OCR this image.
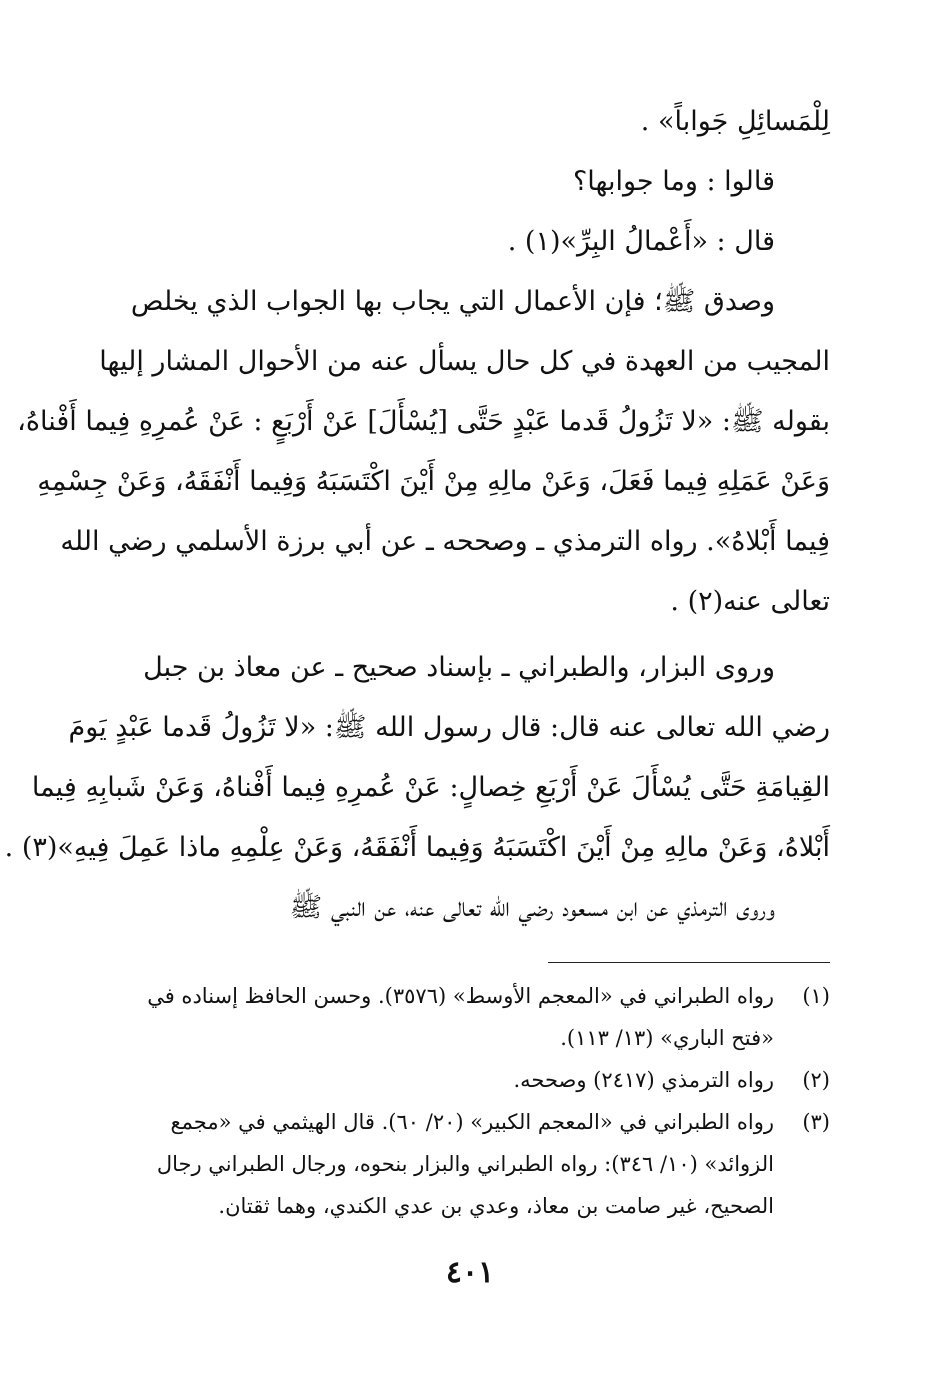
لِلْمَسائِلِ جَواباً» .
قالوا : وما جوابها؟
قال : «أَعْمالُ البِرِّ»(١) .
وصدق ﷺ؛ فإن الأعمال التي يجاب بها الجواب الذي يخلص
المجيب من العهدة في كل حال يسأل عنه من الأحوال المشار إليها
بقوله ﷺ: «لا تَزُولُ قَدما عَبْدٍ حَتَّى [يُسْأَلَ] عَنْ أَرْبَعٍ : عَنْ عُمرِهِ فِيما أَفْناهُ،
وَعَنْ عَمَلِهِ فِيما فَعَلَ، وَعَنْ مالِهِ مِنْ أَيْنَ اكْتَسَبَهُ وَفِيما أَنْفَقَهُ، وَعَنْ جِسْمِهِ
فِيما أَبْلاهُ». رواه الترمذي ـ وصححه ـ عن أبي برزة الأسلمي رضي الله
تعالى عنه(٢) .
وروى البزار، والطبراني ـ بإسناد صحيح ـ عن معاذ بن جبل
رضي الله تعالى عنه قال: قال رسول الله ﷺ: «لا تَزُولُ قَدما عَبْدٍ يَومَ
القِيامَةِ حَتَّى يُسْأَلَ عَنْ أَرْبَعِ خِصالٍ: عَنْ عُمرِهِ فِيما أَفْناهُ، وَعَنْ شَبابِهِ فِيما
أَبْلاهُ، وَعَنْ مالِهِ مِنْ أَيْنَ اكْتَسَبَهُ وَفِيما أَنْفَقَهُ، وَعَنْ عِلْمِهِ ماذا عَمِلَ فِيهِ»(٣) .
وروى الترمذي عن ابن مسعود رضي الله تعالى عنه، عن النبي ﷺ
(١)
رواه الطبراني في «المعجم الأوسط» (٣٥٧٦). وحسن الحافظ إسناده في
«فتح الباري» (١٣/ ١١٣).
(٢)
رواه الترمذي (٢٤١٧) وصححه.
(٣)
رواه الطبراني في «المعجم الكبير» (٢٠/ ٦٠). قال الهيثمي في «مجمع
الزوائد» (١٠/ ٣٤٦): رواه الطبراني والبزار بنحوه، ورجال الطبراني رجال
الصحيح، غير صامت بن معاذ، وعدي بن عدي الكندي، وهما ثقتان.
٤٠١
